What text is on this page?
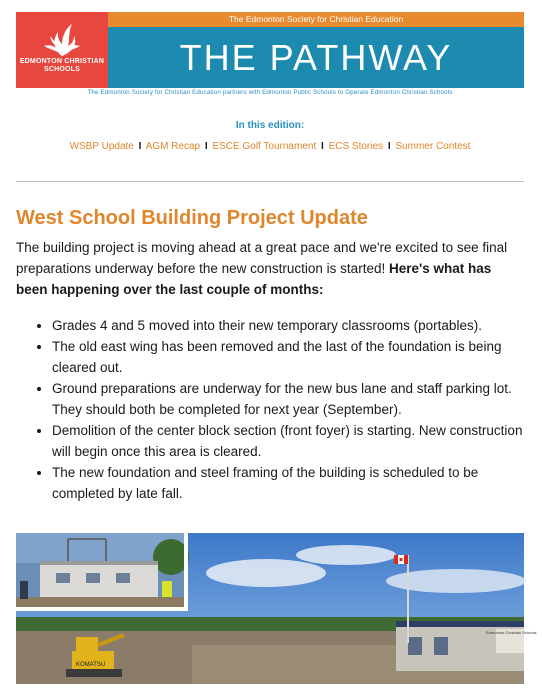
EDMONTON CHRISTIAN SCHOOLS
The Edmonton Society for Christian Education
THE PATHWAY
The Edmonton Society for Christian Education partners with Edmonton Public Schools to Operate Edmonton Christian Schools
In this edition:
WSBP Update I AGM Recap I ESCE Golf Tournament I ECS Stories I Summer Contest
West School Building Project Update

The building project is moving ahead at a great pace and we're excited to see final preparations underway before the new construction is started! Here's what has been happening over the last couple of months:

• Grades 4 and 5 moved into their new temporary classrooms (portables).
• The old east wing has been removed and the last of the foundation is being cleared out.
• Ground preparations are underway for the new bus lane and staff parking lot. They should both be completed for next year (September).
• Demolition of the center block section (front foyer) is starting. New construction will begin once this area is cleared.
• The new foundation and steel framing of the building is scheduled to be completed by late fall.
KOMATSU
Edmonton Christian Schools
